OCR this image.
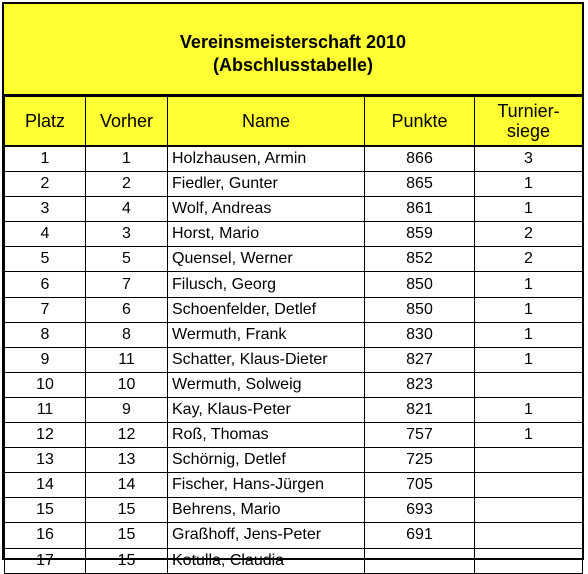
Vereinsmeisterschaft 2010
(Abschlusstabelle)
Platz	Vorher	Name	Punkte	Turnier-
siege
1	1	Holzhausen, Armin	866	3
2	2	Fiedler, Gunter	865	1
3	4	Wolf, Andreas	861	1
4	3	Horst, Mario	859	2
5	5	Quensel, Werner	852	2
6	7	Filusch, Georg	850	1
7	6	Schoenfelder, Detlef	850	1
8	8	Wermuth, Frank	830	1
9	11	Schatter, Klaus-Dieter	827	1
10	10	Wermuth, Solweig	823	
11	9	Kay, Klaus-Peter	821	1
12	12	Roß, Thomas	757	1
13	13	Schörnig, Detlef	725	
14	14	Fischer, Hans-Jürgen	705	
15	15	Behrens, Mario	693	
16	15	Graßhoff, Jens-Peter	691	
17	15	Kotulla, Claudia		
